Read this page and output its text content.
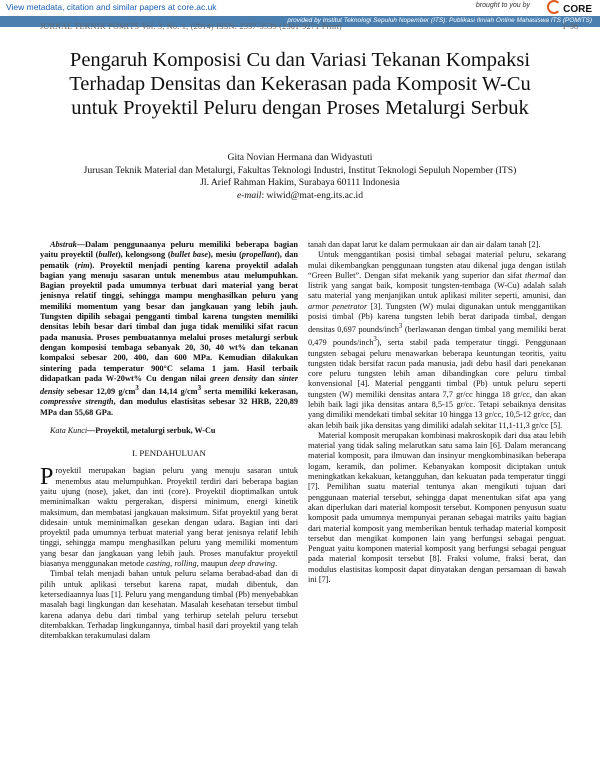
View metadata, citation and similar papers at core.ac.uk	brought to you by	CORE
provided by Institut Teknologi Sepuluh Nopember (ITS): Publikasi Ilmiah Online Mahasiswa ITS (POMITS)
JURNAL TEKNIK POMITS Vol. 3, No. 1, (2014) ISSN: 2337-3539 (2301-9271 Print)	F-98
Pengaruh Komposisi Cu dan Variasi Tekanan Kompaksi Terhadap Densitas dan Kekerasan pada Komposit W-Cu untuk Proyektil Peluru dengan Proses Metalurgi Serbuk
Gita Novian Hermana dan Widyastuti
Jurusan Teknik Material dan Metalurgi, Fakultas Teknologi Industri, Institut Teknologi Sepuluh Nopember (ITS)
Jl. Arief Rahman Hakim, Surabaya 60111 Indonesia
e-mail: wiwid@mat-eng.its.ac.id

Abstrak—Dalam penggunaanya peluru memiliki beberapa bagian yaitu proyektil (bullet), kelongsong (bullet base), mesiu (propellant), dan pematik (rim). Proyektil menjadi penting karena proyektil adalah bagian yang menuju sasaran untuk menembus atau melumpuhkan. Bagian proyektil pada umumnya terbuat dari material yang berat jenisnya relatif tinggi, sehingga mampu menghasilkan peluru yang memiliki momentum yang besar dan jangkauan yang lebih jauh. Tungsten dipilih sebagai pengganti timbal karena tungsten memiliki densitas lebih besar dari timbal dan juga tidak memiliki sifat racun pada manusia. Proses pembuatannya melalui proses metalurgi serbuk dengan komposisi tembaga sebanyak 20, 30, 40 wt% dan tekanan kompaksi sebesar 200, 400, dan 600 MPa. Kemudian dilakukan sintering pada temperatur 900°C selama 1 jam. Hasil terbaik didapatkan pada W-20wt% Cu dengan nilai green density dan sinter density sebesar 12,09 $g/cm^3$ dan 14,14 $g/cm^3$ serta memiliki kekerasan, compressive strength, dan modulus elastisitas sebesar 32 HRB, 220,89 MPa dan 55,68 GPa.

Kata Kunci—Proyektil, metalurgi serbuk, W-Cu

I. PENDAHULUAN

Proyektil merupakan bagian peluru yang menuju sasaran untuk menembus atau melumpuhkan. Proyektil terdiri dari beberapa bagian yaitu ujung (nose), jaket, dan inti (core). Proyektil dioptimalkan untuk meminimalkan waktu pergerakan, dispersi minimum, energi kinetik maksimum, dan membatasi jangkauan maksimum. Sifat proyektil yang berat didesain untuk meminimalkan gesekan dengan udara. Bagian inti dari proyektil pada umumnya terbuat material yang berat jenisnya relatif lebih tinggi, sehingga mampu menghasilkan peluru yang memiliki momentum yang besar dan jangkauan yang lebih jauh. Proses manufaktur proyektil biasanya menggunakan metode casting, rolling, maupun deep drawing.

Timbal telah menjadi bahan untuk peluru selama berabad-abad dan di pilih untuk aplikasi tersebut karena rapat, mudah dibentuk, dan ketersediaannya luas [1]. Peluru yang mengandung timbal (Pb) menyebabkan masalah bagi lingkungan dan kesehatan. Masalah kesehatan tersebut timbul karena adanya debu dari timbal yang terhirup setelah peluru tersebut ditembakkan. Terhadap lingkungannya, timbal hasil dari proyektil yang telah ditembakkan terakumulasi dalam

tanah dan dapat larut ke dalam permukaan air dan air dalam tanah [2].

Untuk menggantikan posisi timbal sebagai material peluru, sekarang mulai dikembangkan penggunaan tungsten atau dikenal juga dengan istilah “Green Bullet”. Dengan sifat mekanik yang superior dan sifat thermal dan listrik yang sangat baik, komposit tungsten-tembaga (W-Cu) adalah salah satu material yang menjanjikan untuk aplikasi militer seperti, amunisi, dan armor penetrator [3]. Tungsten (W) mulai digunakan untuk menggantikan posisi timbal (Pb) karena tungsten lebih berat daripada timbal, dengan densitas 0,697 pounds/inch$^3$ (berlawanan dengan timbal yang memiliki berat 0,479 pounds/inch$^3$), serta stabil pada temperatur tinggi. Penggunaan tungsten sebagai peluru menawarkan beberapa keuntungan teoritis, yaitu tungsten tidak bersifat racun pada manusia, jadi debu hasil dari penekanan core peluru tungsten lebih aman dibandingkan core peluru timbal konvensional [4]. Material pengganti timbal (Pb) untuk peluru seperti tungsten (W) memiliki densitas antara 7,7 gr/cc hingga 18 gr/cc, dan akan lebih baik lagi jika densitas antara 8,5-15 gr/cc. Tetapi sebaiknya densitas yang dimiliki mendekati timbal sekitar 10 hingga 13 gr/cc, 10,5-12 gr/cc, dan akan lebih baik jika densitas yang dimiliki adalah sekitar 11,1-11,3 gr/cc [5].

Material komposit merupakan kombinasi makroskopik dari dua atau lebih material yang tidak saling melarutkan satu sama lain [6]. Dalam merancang material komposit, para ilmuwan dan insinyur mengkombinasikan beberapa logam, keramik, dan polimer. Kebanyakan komposit diciptakan untuk meningkatkan kekakuan, ketangguhan, dan kekuatan pada temperatur tinggi [7]. Pemilihan suatu material tentunya akan mengikuti tujuan dari penggunaan material tersebut, sehingga dapat menentukan sifat apa yang akan diperlukan dari material komposit tersebut. Komponen penyusun suatu komposit pada umumnya mempunyai peranan sebagai matriks yaitu bagian dari material komposit yang memberikan bentuk terhadap material komposit tersebut dan mengikat komponen lain yang berfungsi sebagai penguat. Penguat yaitu komponen material komposit yang berfungsi sebagai penguat pada material komposit tersebut [8]. Fraksi volume, fraksi berat, dan modulus elastisitas komposit dapat dinyatakan dengan persamaan di bawah ini [7].
